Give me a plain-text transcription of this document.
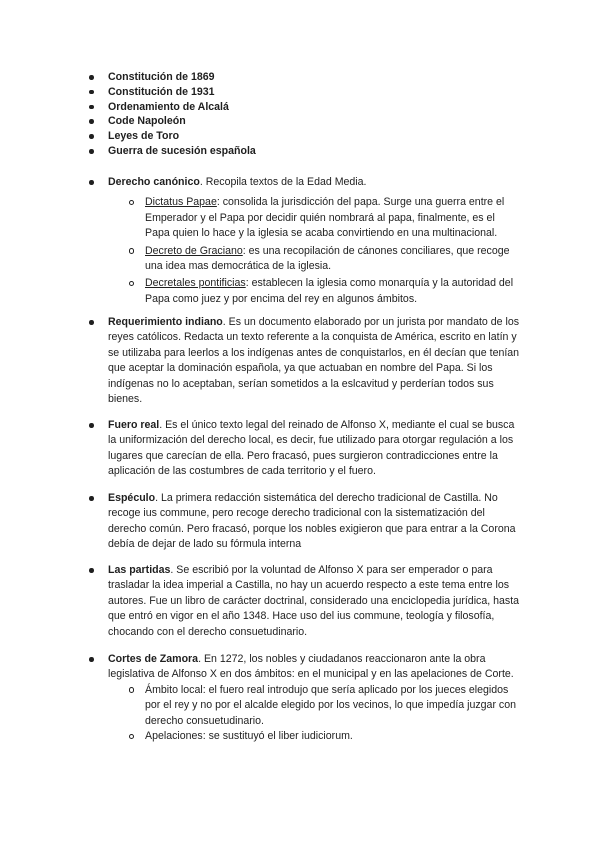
Constitución de 1869
Constitución de 1931
Ordenamiento de Alcalá
Code Napoleón
Leyes de Toro
Guerra de sucesión española
Derecho canónico. Recopila textos de la Edad Media.
Dictatus Papae: consolida la jurisdicción del papa. Surge una guerra entre el Emperador y el Papa por decidir quién nombrará al papa, finalmente, es el Papa quien lo hace y la iglesia se acaba convirtiendo en una multinacional.
Decreto de Graciano: es una recopilación de cánones conciliares, que recoge una idea mas democrática de la iglesia.
Decretales pontificias: establecen la iglesia como monarquía y la autoridad del Papa como juez y por encima del rey en algunos ámbitos.
Requerimiento indiano. Es un documento elaborado por un jurista por mandato de los reyes católicos. Redacta un texto referente a la conquista de América, escrito en latín y se utilizaba para leerlos a los indígenas antes de conquistarlos, en él decían que tenían que aceptar la dominación española, ya que actuaban en nombre del Papa. Si los indígenas no lo aceptaban, serían sometidos a la eslcavitud y perderían todos sus bienes.
Fuero real. Es el único texto legal del reinado de Alfonso X, mediante el cual se busca la uniformización del derecho local, es decir, fue utilizado para otorgar regulación a los lugares que carecían de ella. Pero fracasó, pues surgieron contradicciones entre la aplicación de las costumbres de cada territorio y el fuero.
Espéculo. La primera redacción sistemática del derecho tradicional de Castilla. No recoge ius commune, pero recoge derecho tradicional con la sistematización del derecho común. Pero fracasó, porque los nobles exigieron que para entrar a la Corona debía de dejar de lado su fórmula interna
Las partidas. Se escribió por la voluntad de Alfonso X para ser emperador o para trasladar la idea imperial a Castilla, no hay un acuerdo respecto a este tema entre los autores. Fue un libro de carácter doctrinal, considerado una enciclopedia jurídica, hasta que entró en vigor en el año 1348. Hace uso del ius commune, teología y filosofía, chocando con el derecho consuetudinario.
Cortes de Zamora. En 1272, los nobles y ciudadanos reaccionaron ante la obra legislativa de Alfonso X en dos ámbitos: en el municipal y en las apelaciones de Corte.
Ámbito local: el fuero real introdujo que sería aplicado por los jueces elegidos por el rey y no por el alcalde elegido por los vecinos, lo que impedía juzgar con derecho consuetudinario.
Apelaciones: se sustituyó el liber iudiciorum.
